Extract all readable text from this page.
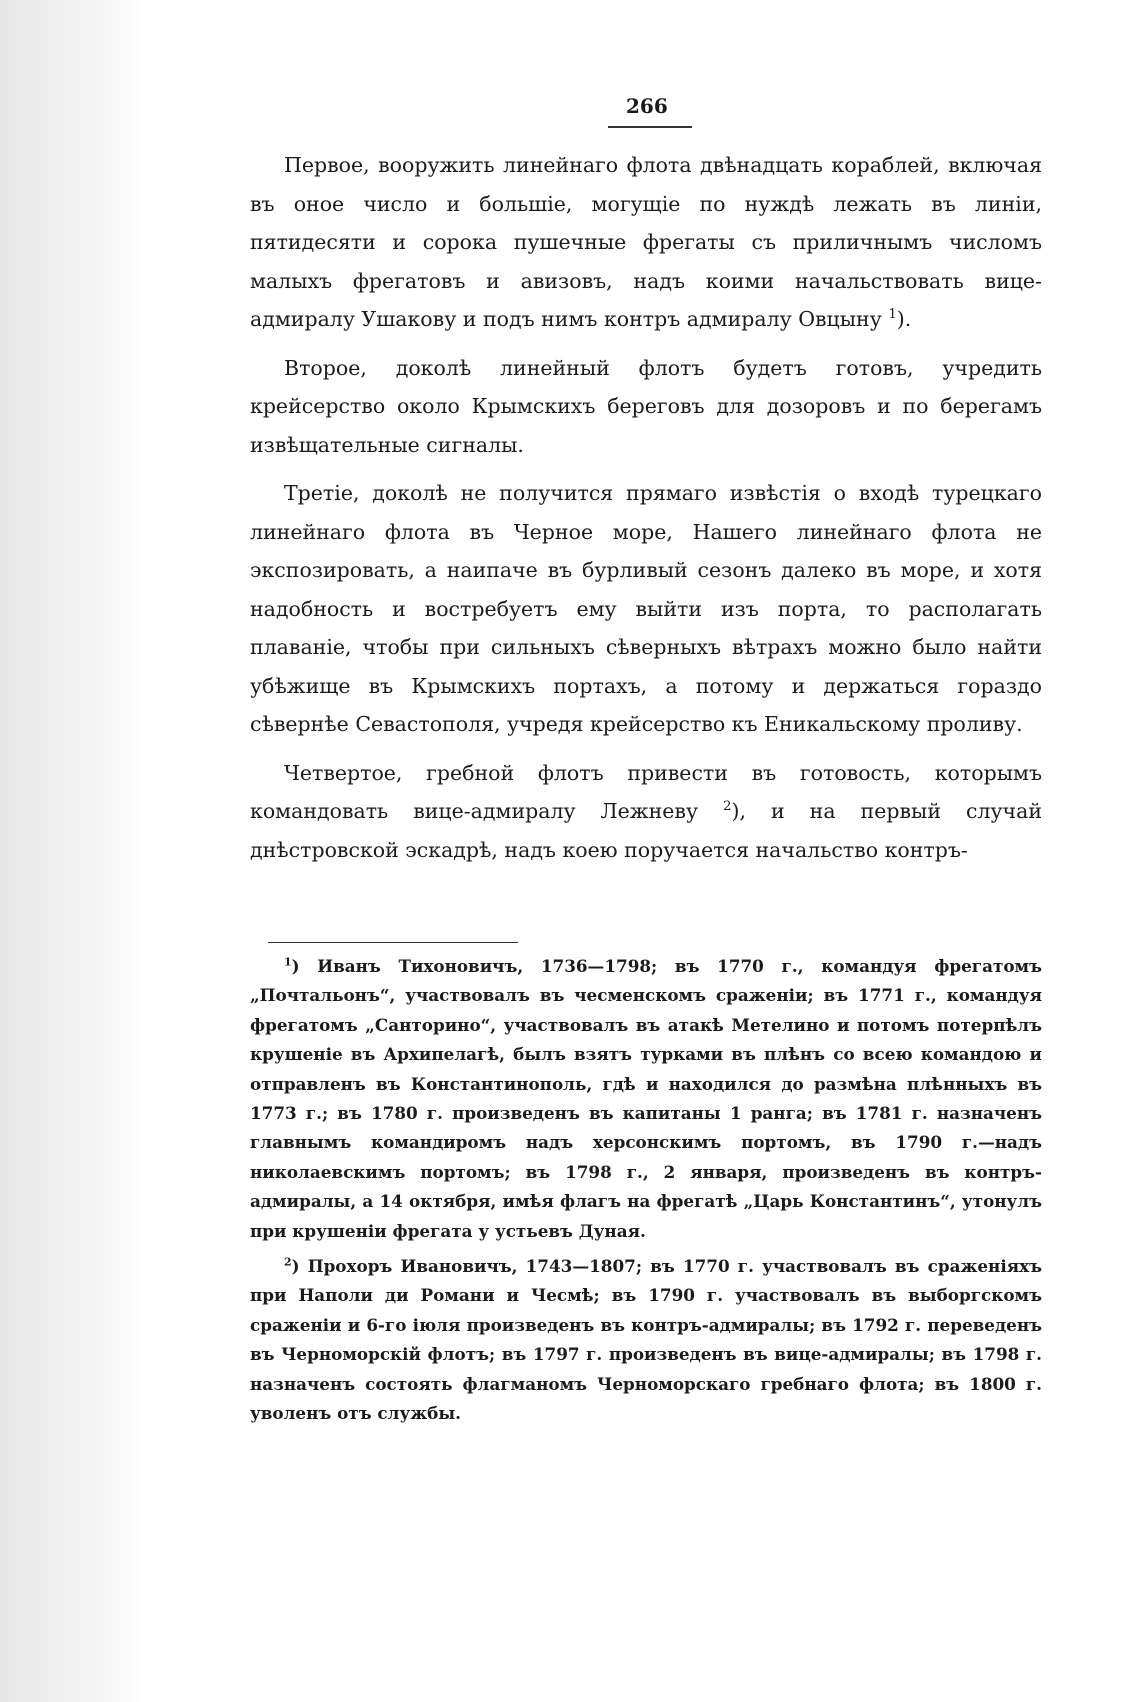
266

Первое, вооружить линейнаго флота двѣнадцать кораблей, включая въ оное число и большіе, могущіе по нуждѣ лежать въ линіи, пятидесяти и сорока пушечные фрегаты съ приличнымъ числомъ малыхъ фрегатовъ и авизовъ, надъ коими начальствовать вице-адмиралу Ушакову и подъ нимъ контръ адмиралу Овцыну $^1$).

Второе, доколѣ линейный флотъ будетъ готовъ, учредить крейсерство около Крымскихъ береговъ для дозоровъ и по берегамъ извѣщательные сигналы.

Третіе, доколѣ не получится прямаго извѣстія о входѣ турецкаго линейнаго флота въ Черное море, Нашего линейнаго флота не экспозировать, а наипаче въ бурливый сезонъ далеко въ море, и хотя надобность и востребуетъ ему выйти изъ порта, то располагать плаваніе, чтобы при сильныхъ сѣверныхъ вѣтрахъ можно было найти убѣжище въ Крымскихъ портахъ, а потому и держаться гораздо сѣвернѣе Севастополя, учредя крейсерство къ Еникальскому проливу.

Четвертое, гребной флотъ привести въ готовость, которымъ командовать вице-адмиралу Лежневу $^2$), и на первый случай днѣстровской эскадрѣ, надъ коею поручается начальство контръ-

$^1$) Иванъ Тихоновичъ, 1736—1798; въ 1770 г., командуя фрегатомъ „Почтальонъ“, участвовалъ въ чесменскомъ сраженіи; въ 1771 г., командуя фрегатомъ „Санторино“, участвовалъ въ атакѣ Метелино и потомъ потерпѣлъ крушеніе въ Архипелагѣ, былъ взятъ турками въ плѣнъ со всею командою и отправленъ въ Константинополь, гдѣ и находился до размѣна плѣнныхъ въ 1773 г.; въ 1780 г. произведенъ въ капитаны 1 ранга; въ 1781 г. назначенъ главнымъ командиромъ надъ херсонскимъ портомъ, въ 1790 г.—надъ николаевскимъ портомъ; въ 1798 г., 2 января, произведенъ въ контръ-адмиралы, а 14 октября, имѣя флагъ на фрегатѣ „Царь Константинъ“, утонулъ при крушеніи фрегата у устьевъ Дуная.

$^2$) Прохоръ Ивановичъ, 1743—1807; въ 1770 г. участвовалъ въ сраженіяхъ при Наполи ди Романи и Чесмѣ; въ 1790 г. участвовалъ въ выборгскомъ сраженіи и 6-го іюля произведенъ въ контръ-адмиралы; въ 1792 г. переведенъ въ Черноморскій флотъ; въ 1797 г. произведенъ въ вице-адмиралы; въ 1798 г. назначенъ состоять флагманомъ Черноморскаго гребнаго флота; въ 1800 г. уволенъ отъ службы.
